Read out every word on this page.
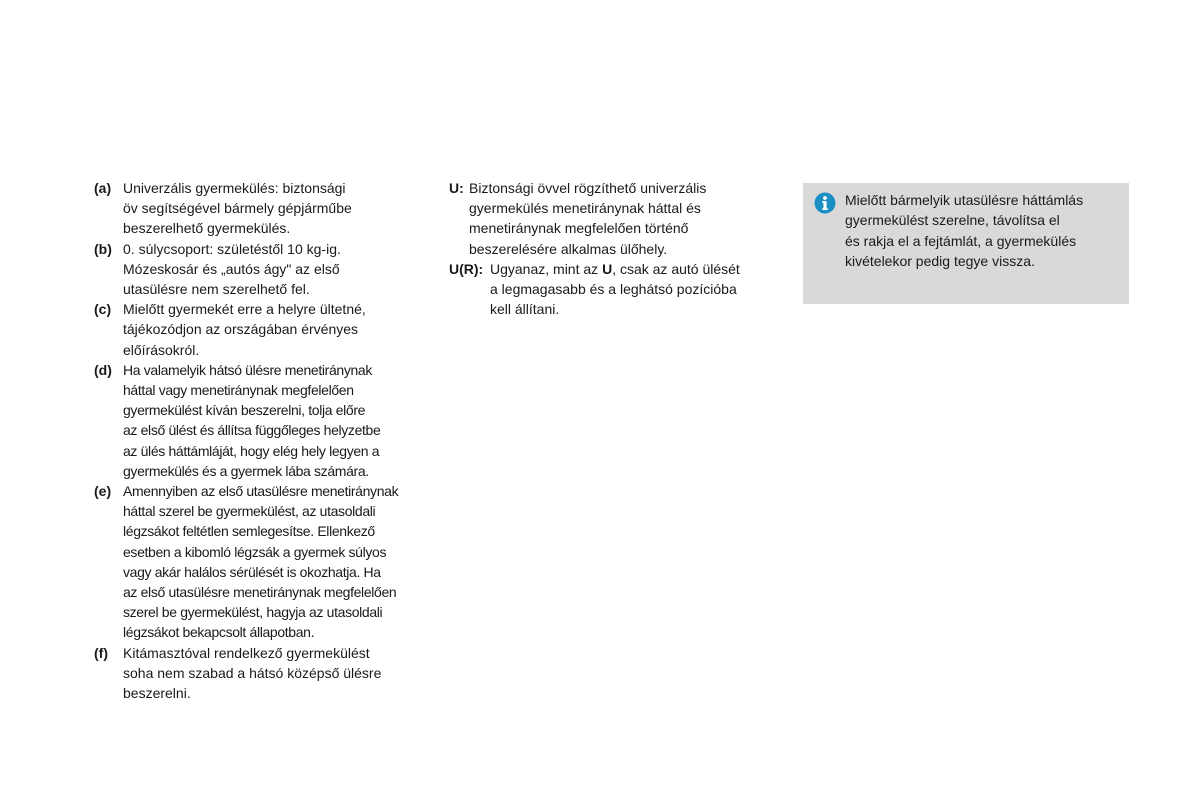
(a) Univerzális gyermekülés: biztonsági
öv segítségével bármely gépjárműbe
beszerelhető gyermekülés.
(b) 0. súlycsoport: születéstől 10 kg-ig.
Mózeskosár és „autós ágy" az első
utasülésre nem szerelhető fel.
(c) Mielőtt gyermekét erre a helyre ültetné,
tájékozódjon az országában érvényes
előírásokról.
(d) Ha valamelyik hátsó ülésre menetiránynak
háttal vagy menetiránynak megfelelően
gyermekülést kíván beszerelni, tolja előre
az első ülést és állítsa függőleges helyzetbe
az ülés háttámláját, hogy elég hely legyen a
gyermekülés és a gyermek lába számára.
(e) Amennyiben az első utasülésre menetiránynak
háttal szerel be gyermekülést, az utasoldali
légzsákot feltétlen semlegesítse. Ellenkező
esetben a kibomló légzsák a gyermek súlyos
vagy akár halálos sérülését is okozhatja. Ha
az első utasülésre menetiránynak megfelelően
szerel be gyermekülést, hagyja az utasoldali
légzsákot bekapcsolt állapotban.
(f)	Kitámasztóval rendelkező gyermekülést
soha nem szabad a hátsó középső ülésre
beszerelni.
U: Biztonsági övvel rögzíthető univerzális
gyermekülés menetiránynak háttal és
menetiránynak megfelelően történő
beszerelésére alkalmas ülőhely.
U(R): Ugyanaz, mint az U, csak az autó ülését
a legmagasabb és a leghátsó pozícióba
kell állítani.
Mielőtt bármelyik utasülésre háttámlás
gyermekülést szerelne, távolítsa el
és rakja el a fejtámlát, a gyermekülés
kivételekor pedig tegye vissza.
